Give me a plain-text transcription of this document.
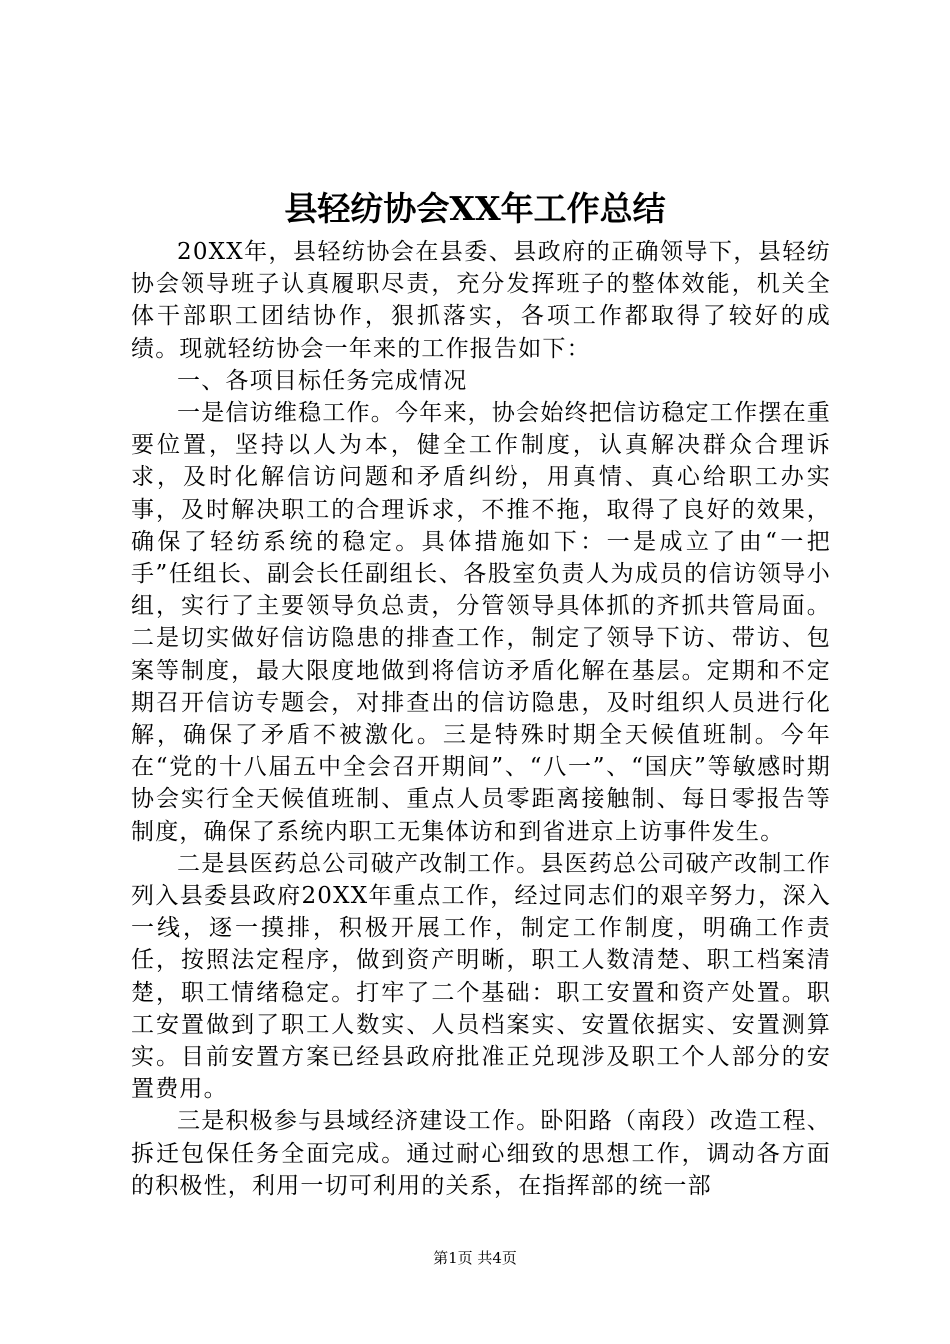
县轻纺协会XX年工作总结

20XX年，县轻纺协会在县委、县政府的正确领导下，县轻纺协会领导班子认真履职尽责，充分发挥班子的整体效能，机关全体干部职工团结协作，狠抓落实，各项工作都取得了较好的成绩。现就轻纺协会一年来的工作报告如下：

一、各项目标任务完成情况

一是信访维稳工作。今年来，协会始终把信访稳定工作摆在重要位置，坚持以人为本，健全工作制度，认真解决群众合理诉求，及时化解信访问题和矛盾纠纷，用真情、真心给职工办实事，及时解决职工的合理诉求，不推不拖，取得了良好的效果，确保了轻纺系统的稳定。具体措施如下：一是成立了由“一把手”任组长、副会长任副组长、各股室负责人为成员的信访领导小组，实行了主要领导负总责，分管领导具体抓的齐抓共管局面。二是切实做好信访隐患的排查工作，制定了领导下访、带访、包案等制度，最大限度地做到将信访矛盾化解在基层。定期和不定期召开信访专题会，对排查出的信访隐患，及时组织人员进行化解，确保了矛盾不被激化。三是特殊时期全天候值班制。今年在“党的十八届五中全会召开期间”、“八一”、“国庆”等敏感时期协会实行全天候值班制、重点人员零距离接触制、每日零报告等制度，确保了系统内职工无集体访和到省进京上访事件发生。

二是县医药总公司破产改制工作。县医药总公司破产改制工作列入县委县政府20XX年重点工作，经过同志们的艰辛努力，深入一线，逐一摸排，积极开展工作，制定工作制度，明确工作责任，按照法定程序，做到资产明晰，职工人数清楚、职工档案清楚，职工情绪稳定。打牢了二个基础：职工安置和资产处置。职工安置做到了职工人数实、人员档案实、安置依据实、安置测算实。目前安置方案已经县政府批准正兑现涉及职工个人部分的安置费用。

三是积极参与县域经济建设工作。卧阳路（南段）改造工程、拆迁包保任务全面完成。通过耐心细致的思想工作，调动各方面的积极性，利用一切可利用的关系，在指挥部的统一部

第1页 共4页
